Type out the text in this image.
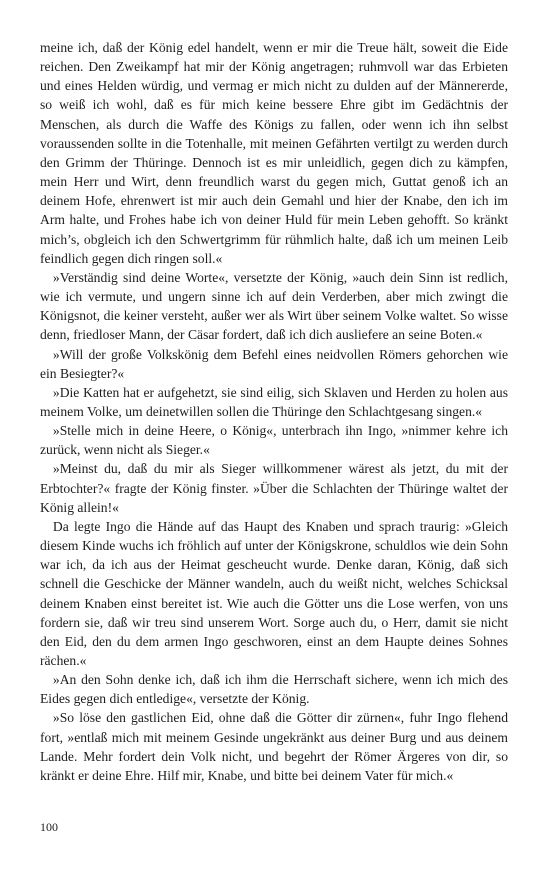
meine ich, daß der König edel handelt, wenn er mir die Treue hält, soweit die Eide reichen. Den Zweikampf hat mir der König angetragen; ruhmvoll war das Erbieten und eines Helden würdig, und vermag er mich nicht zu dulden auf der Männererde, so weiß ich wohl, daß es für mich keine bessere Ehre gibt im Gedächtnis der Menschen, als durch die Waffe des Königs zu fallen, oder wenn ich ihn selbst voraussenden sollte in die Totenhalle, mit meinen Gefährten vertilgt zu werden durch den Grimm der Thüringe. Dennoch ist es mir unleidlich, gegen dich zu kämpfen, mein Herr und Wirt, denn freundlich warst du gegen mich, Guttat genoß ich an deinem Hofe, ehrenwert ist mir auch dein Gemahl und hier der Knabe, den ich im Arm halte, und Frohes habe ich von deiner Huld für mein Leben gehofft. So kränkt mich’s, obgleich ich den Schwertgrimm für rühmlich halte, daß ich um meinen Leib feindlich gegen dich ringen soll.«

»Verständig sind deine Worte«, versetzte der König, »auch dein Sinn ist redlich, wie ich vermute, und ungern sinne ich auf dein Verderben, aber mich zwingt die Königsnot, die keiner versteht, außer wer als Wirt über seinem Volke waltet. So wisse denn, friedloser Mann, der Cäsar fordert, daß ich dich ausliefere an seine Boten.«

»Will der große Volkskönig dem Befehl eines neidvollen Römers gehorchen wie ein Besiegter?«

»Die Katten hat er aufgehetzt, sie sind eilig, sich Sklaven und Herden zu holen aus meinem Volke, um deinetwillen sollen die Thüringe den Schlachtgesang singen.«

»Stelle mich in deine Heere, o König«, unterbrach ihn Ingo, »nimmer kehre ich zurück, wenn nicht als Sieger.«

»Meinst du, daß du mir als Sieger willkommener wärest als jetzt, du mit der Erbtochter?« fragte der König finster. »Über die Schlachten der Thüringe waltet der König allein!«

Da legte Ingo die Hände auf das Haupt des Knaben und sprach traurig: »Gleich diesem Kinde wuchs ich fröhlich auf unter der Königskrone, schuldlos wie dein Sohn war ich, da ich aus der Heimat gescheucht wurde. Denke daran, König, daß sich schnell die Geschicke der Männer wandeln, auch du weißt nicht, welches Schicksal deinem Knaben einst bereitet ist. Wie auch die Götter uns die Lose werfen, von uns fordern sie, daß wir treu sind unserem Wort. Sorge auch du, o Herr, damit sie nicht den Eid, den du dem armen Ingo geschworen, einst an dem Haupte deines Sohnes rächen.«

»An den Sohn denke ich, daß ich ihm die Herrschaft sichere, wenn ich mich des Eides gegen dich entledige«, versetzte der König.

»So löse den gastlichen Eid, ohne daß die Götter dir zürnen«, fuhr Ingo flehend fort, »entlaß mich mit meinem Gesinde ungekränkt aus deiner Burg und aus deinem Lande. Mehr fordert dein Volk nicht, und begehrt der Römer Ärgeres von dir, so kränkt er deine Ehre. Hilf mir, Knabe, und bitte bei deinem Vater für mich.«

100
